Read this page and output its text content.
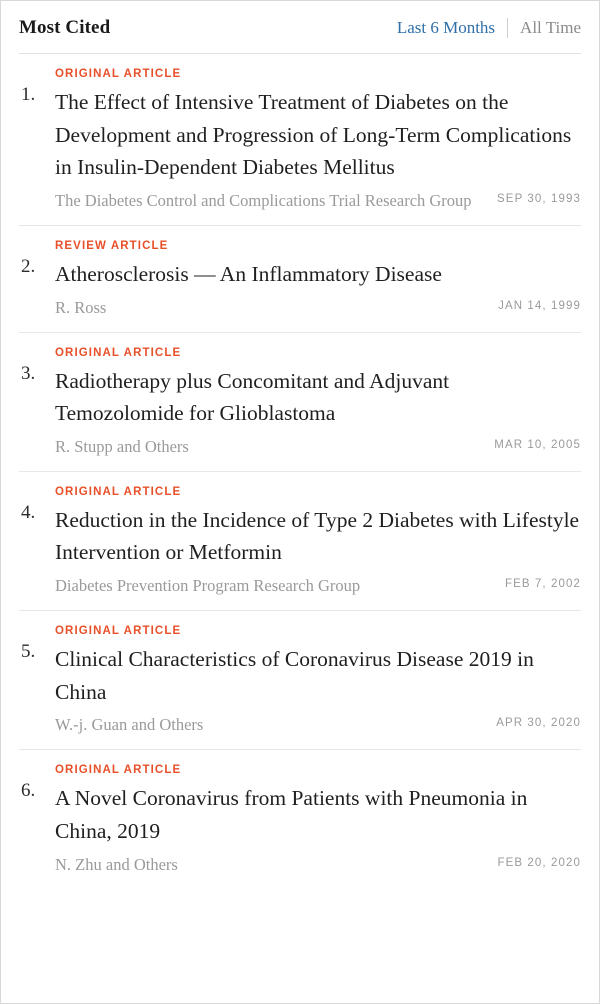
Most Cited	Last 6 Months	All Time
1.
ORIGINAL ARTICLE
The Effect of Intensive Treatment of Diabetes on the Development and Progression of Long-Term Complications in Insulin-Dependent Diabetes Mellitus
The Diabetes Control and Complications Trial Research Group	SEP 30, 1993
2.
REVIEW ARTICLE
Atherosclerosis — An Inflammatory Disease
R. Ross	JAN 14, 1999
3.
ORIGINAL ARTICLE
Radiotherapy plus Concomitant and Adjuvant Temozolomide for Glioblastoma
R. Stupp and Others	MAR 10, 2005
4.
ORIGINAL ARTICLE
Reduction in the Incidence of Type 2 Diabetes with Lifestyle Intervention or Metformin
Diabetes Prevention Program Research Group	FEB 7, 2002
5.
ORIGINAL ARTICLE
Clinical Characteristics of Coronavirus Disease 2019 in China
W.-j. Guan and Others	APR 30, 2020
6.
ORIGINAL ARTICLE
A Novel Coronavirus from Patients with Pneumonia in China, 2019
N. Zhu and Others	FEB 20, 2020
